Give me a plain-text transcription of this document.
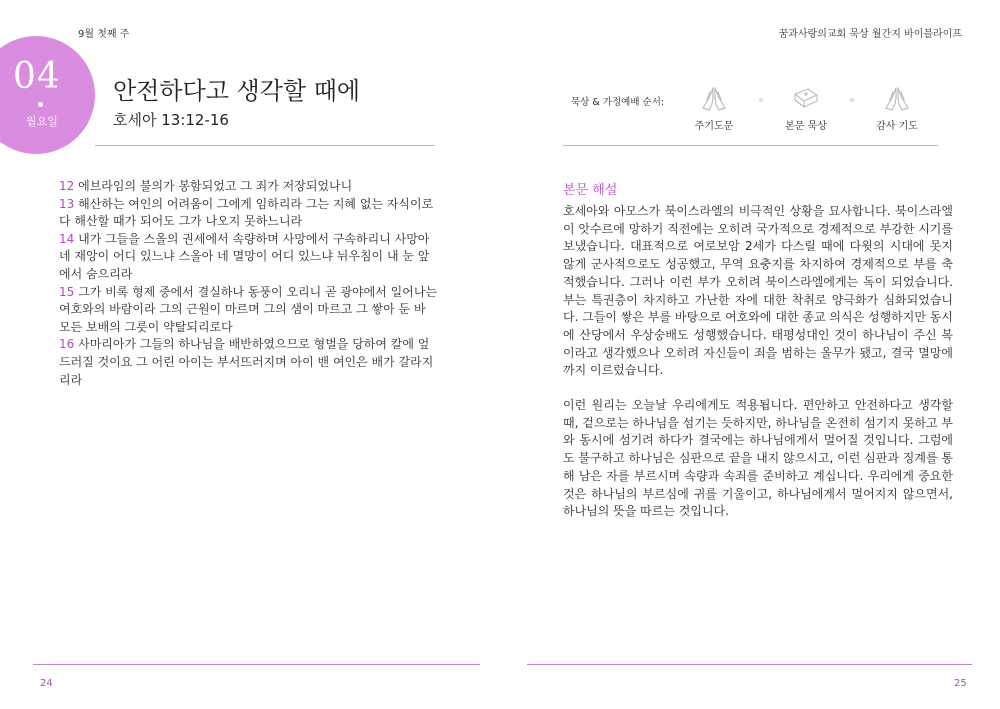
9월 첫째 주	꿈과사랑의교회 묵상 월간지 바이블라이프
04
월요일
안전하다고 생각할 때에
호세아 13:12-16

12 에브라임의 불의가 봉함되었고 그 죄가 저장되었나니

13 해산하는 여인의 어려움이 그에게 임하리라 그는 지혜 없는 자식이로다 해산할 때가 되어도 그가 나오지 못하느니라

14 내가 그들을 스올의 권세에서 속량하며 사망에서 구속하리니 사망아 네 재앙이 어디 있느냐 스올아 네 멸망이 어디 있느냐 뉘우침이 내 눈 앞에서 숨으리라

15 그가 비록 형제 중에서 결실하나 동풍이 오리니 곧 광야에서 일어나는 여호와의 바람이라 그의 근원이 마르며 그의 샘이 마르고 그 쌓아 둔 바 모든 보배의 그릇이 약탈되리로다

16 사마리아가 그들의 하나님을 배반하였으므로 형벌을 당하여 칼에 엎드러질 것이요 그 어린 아이는 부서뜨러지며 아이 밴 여인은 배가 갈라지리라

묵상 & 가정예배 순서:
주기도문	본문 묵상	감사 기도
본문 해설

호세아와 아모스가 북이스라엘의 비극적인 상황을 묘사합니다. 북이스라엘이 앗수르에 망하기 직전에는 오히려 국가적으로 경제적으로 부강한 시기를 보냈습니다. 대표적으로 여로보암 2세가 다스릴 때에 다윗의 시대에 못지 않게 군사적으로도 성공했고, 무역 요충지를 차지하여 경제적으로 부를 축적했습니다. 그러나 이런 부가 오히려 북이스라엘에게는 독이 되었습니다. 부는 특권층이 차지하고 가난한 자에 대한 착취로 양극화가 심화되었습니다. 그들이 쌓은 부를 바탕으로 여호와에 대한 종교 의식은 성행하지만 동시에 산당에서 우상숭배도 성행했습니다. 태평성대인 것이 하나님이 주신 복이라고 생각했으나 오히려 자신들이 죄을 범하는 올무가 됐고, 결국 멸망에까지 이르렀습니다.

이런 원리는 오늘날 우리에게도 적용됩니다. 편안하고 안전하다고 생각할 때, 겉으로는 하나님을 섬기는 듯하지만, 하나님을 온전히 섬기지 못하고 부와 동시에 섬기려 하다가 결국에는 하나님에게서 멀어질 것입니다. 그럼에도 불구하고 하나님은 심판으로 끝을 내지 않으시고, 이런 심판과 징계를 통해 남은 자를 부르시며 속량과 속죄를 준비하고 계십니다. 우리에게 중요한 것은 하나님의 부르심에 귀를 기울이고, 하나님에게서 멀어지지 않으면서, 하나님의 뜻을 따르는 것입니다.

24	25
